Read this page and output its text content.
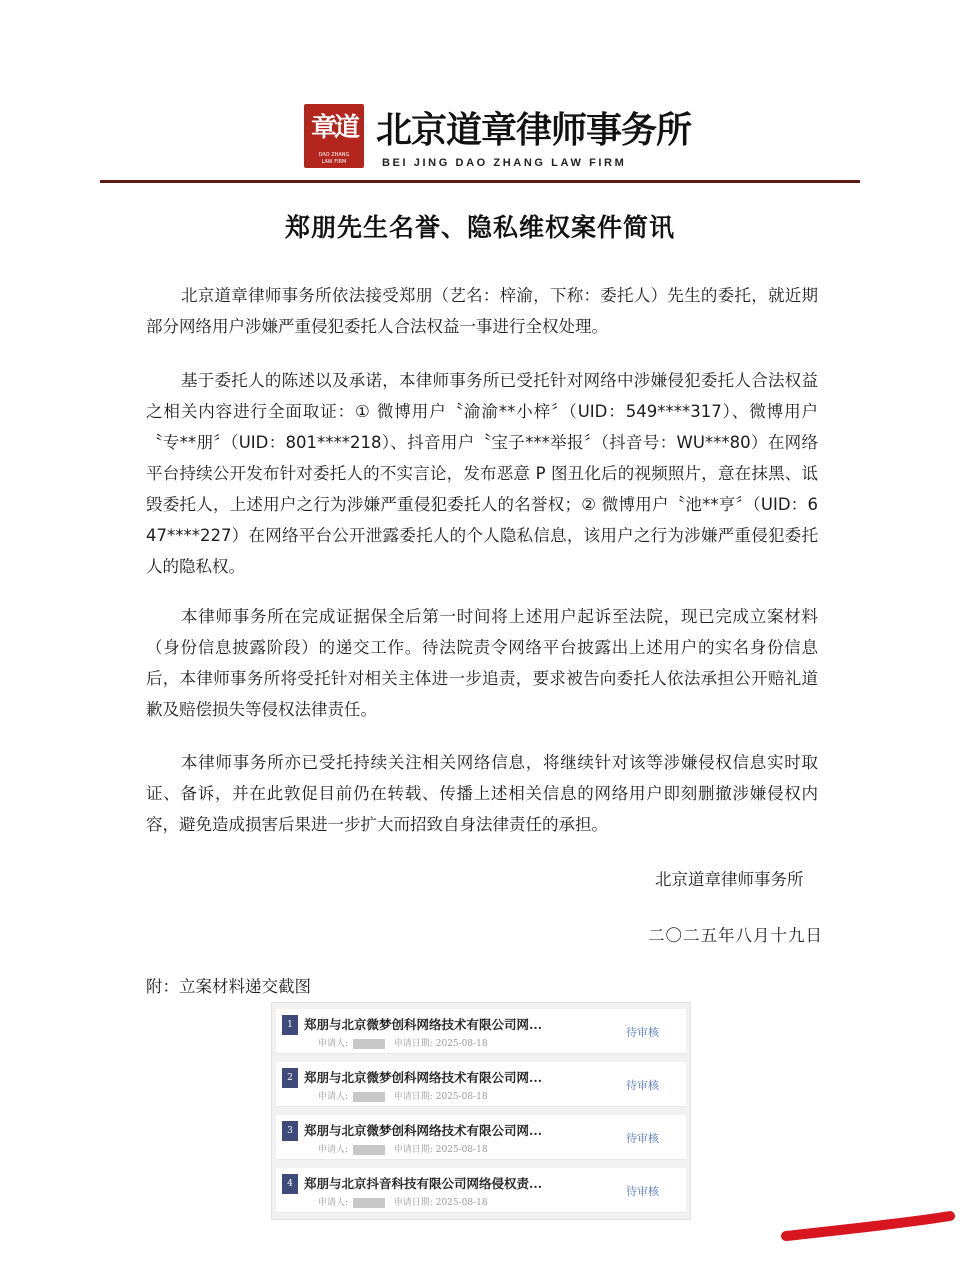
章道
DAO ZHANG
LAW FIRM
北京道章律师事务所
BEI JING DAO ZHANG LAW FIRM
郑朋先生名誉、隐私维权案件简讯

北京道章律师事务所依法接受郑朋（艺名：梓渝，下称：委托人）先生的委托，就近期部分网络用户涉嫌严重侵犯委托人合法权益一事进行全权处理。

基于委托人的陈述以及承诺，本律师事务所已受托针对网络中涉嫌侵犯委托人合法权益之相关内容进行全面取证：① 微博用户〝渝渝**小梓〞（UID：549****317）、微博用户〝专**朋〞（UID：801****218）、抖音用户〝宝子***举报〞（抖音号：WU***80）在网络平台持续公开发布针对委托人的不实言论，发布恶意 P 图丑化后的视频照片，意在抹黑、诋毁委托人，上述用户之行为涉嫌严重侵犯委托人的名誉权；② 微博用户〝池**亨〞（UID：647****227）在网络平台公开泄露委托人的个人隐私信息，该用户之行为涉嫌严重侵犯委托人的隐私权。

本律师事务所在完成证据保全后第一时间将上述用户起诉至法院，现已完成立案材料（身份信息披露阶段）的递交工作。待法院责令网络平台披露出上述用户的实名身份信息后，本律师事务所将受托针对相关主体进一步追责，要求被告向委托人依法承担公开赔礼道歉及赔偿损失等侵权法律责任。

本律师事务所亦已受托持续关注相关网络信息，将继续针对该等涉嫌侵权信息实时取证、备诉，并在此敦促目前仍在转载、传播上述相关信息的网络用户即刻删撤涉嫌侵权内容，避免造成损害后果进一步扩大而招致自身法律责任的承担。

北京道章律师事务所
二〇二五年八月十九日
附：立案材料递交截图
1 郑朋与北京微梦创科网络技术有限公司网...
申请人:	申请日期: 2025-08-18
待审核
2 郑朋与北京微梦创科网络技术有限公司网...
申请人:	申请日期: 2025-08-18
待审核
3 郑朋与北京微梦创科网络技术有限公司网...
申请人:	申请日期: 2025-08-18
待审核
4 郑朋与北京抖音科技有限公司网络侵权责...
申请人:	申请日期: 2025-08-18
待审核
